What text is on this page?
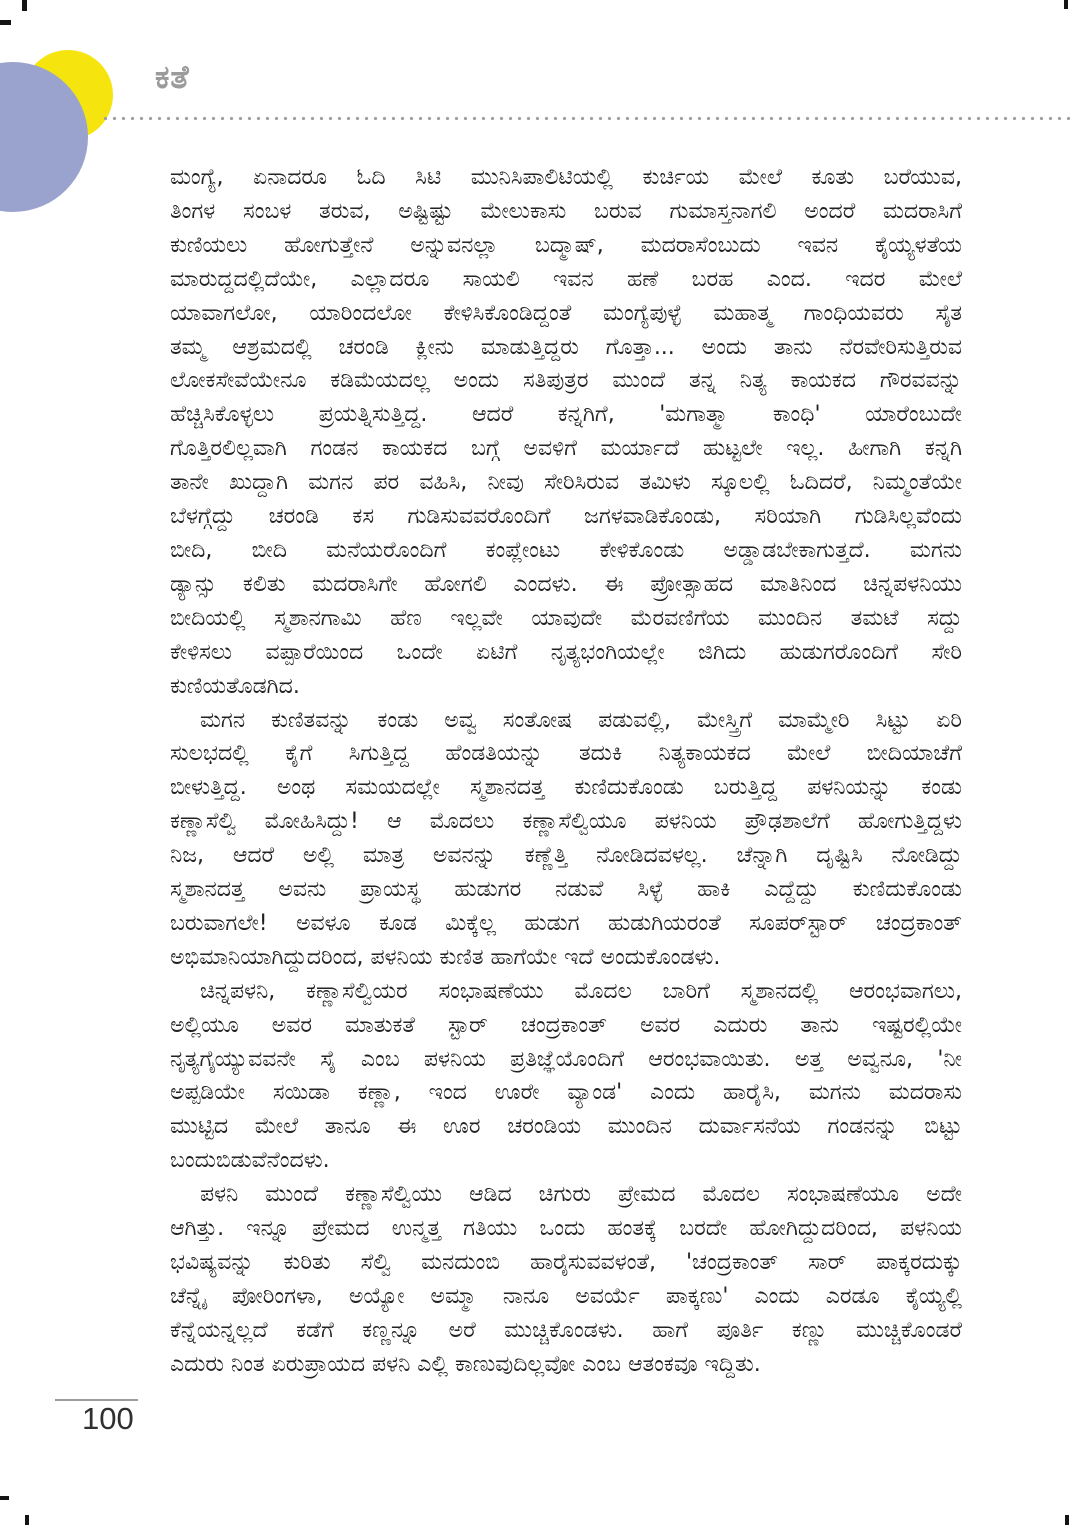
ಕತೆ
ಮಂಗ್ಯೆ, ಏನಾದರೂ ಓದಿ ಸಿಟಿ ಮುನಿಸಿಪಾಲಿಟಿಯಲ್ಲಿ ಕುರ್ಚಿಯ ಮೇಲೆ ಕೂತು ಬರೆಯುವ,
ತಿಂಗಳ ಸಂಬಳ ತರುವ, ಅಷ್ಟಿಷ್ಟು ಮೇಲುಕಾಸು ಬರುವ ಗುಮಾಸ್ತನಾಗಲಿ ಅಂದರೆ ಮದರಾಸಿಗೆ
ಕುಣಿಯಲು ಹೋಗುತ್ತೇನೆ ಅನ್ನುವನಲ್ಲಾ ಬದ್ಮಾಷ್, ಮದರಾಸೆಂಬುದು ಇವನ ಕೈಯ್ಯಳತೆಯ
ಮಾರುದ್ದದಲ್ಲಿದೆಯೇ, ಎಲ್ಲಾದರೂ ಸಾಯಲಿ ಇವನ ಹಣೆ ಬರಹ ಎಂದ. ಇದರ ಮೇಲೆ
ಯಾವಾಗಲೋ, ಯಾರಿಂದಲೋ ಕೇಳಿಸಿಕೊಂಡಿದ್ದಂತೆ ಮಂಗ್ಯೆಪುಳ್ಳೆ ಮಹಾತ್ಮ ಗಾಂಧಿಯವರು ಸೈತ
ತಮ್ಮ ಆಶ್ರಮದಲ್ಲಿ ಚರಂಡಿ ಕ್ಲೀನು ಮಾಡುತ್ತಿದ್ದರು ಗೊತ್ತಾ... ಅಂದು ತಾನು ನೆರವೇರಿಸುತ್ತಿರುವ
ಲೋಕಸೇವೆಯೇನೂ ಕಡಿಮೆಯದಲ್ಲ ಅಂದು ಸತಿಪುತ್ರರ ಮುಂದೆ ತನ್ನ ನಿತ್ಯ ಕಾಯಕದ ಗೌರವವನ್ನು
ಹೆಚ್ಚಿಸಿಕೊಳ್ಳಲು ಪ್ರಯತ್ನಿಸುತ್ತಿದ್ದ. ಆದರೆ ಕನ್ನಗಿಗೆ, 'ಮಗಾತ್ಮಾ ಕಾಂಧಿ' ಯಾರೆಂಬುದೇ
ಗೊತ್ತಿರಲಿಲ್ಲವಾಗಿ ಗಂಡನ ಕಾಯಕದ ಬಗ್ಗೆ ಅವಳಿಗೆ ಮರ್ಯಾದೆ ಹುಟ್ಟಲೇ ಇಲ್ಲ. ಹೀಗಾಗಿ ಕನ್ನಗಿ
ತಾನೇ ಖುದ್ದಾಗಿ ಮಗನ ಪರ ವಹಿಸಿ, ನೀವು ಸೇರಿಸಿರುವ ತಮಿಳು ಸ್ಕೂಲಲ್ಲಿ ಓದಿದರೆ, ನಿಮ್ಮಂತೆಯೇ
ಬೆಳಗ್ಗೆದ್ದು ಚರಂಡಿ ಕಸ ಗುಡಿಸುವವರೊಂದಿಗೆ ಜಗಳವಾಡಿಕೊಂಡು, ಸರಿಯಾಗಿ ಗುಡಿಸಿಲ್ಲವೆಂದು
ಬೀದಿ, ಬೀದಿ ಮನೆಯರೊಂದಿಗೆ ಕಂಪ್ಲೇಂಟು ಕೇಳಿಕೊಂಡು ಅಡ್ಡಾಡಬೇಕಾಗುತ್ತದೆ. ಮಗನು
ಡ್ಯಾನ್ಸು ಕಲಿತು ಮದರಾಸಿಗೇ ಹೋಗಲಿ ಎಂದಳು. ಈ ಪ್ರೋತ್ಸಾಹದ ಮಾತಿನಿಂದ ಚಿನ್ನಪಳನಿಯು
ಬೀದಿಯಲ್ಲಿ ಸ್ಮಶಾನಗಾಮಿ ಹೆಣ ಇಲ್ಲವೇ ಯಾವುದೇ ಮೆರವಣಿಗೆಯ ಮುಂದಿನ ತಮಟೆ ಸದ್ದು
ಕೇಳಿಸಲು ವಪ್ಪಾರೆಯಿಂದ ಒಂದೇ ಏಟಿಗೆ ನೃತ್ಯಭಂಗಿಯಲ್ಲೇ ಜಿಗಿದು ಹುಡುಗರೊಂದಿಗೆ ಸೇರಿ
ಕುಣಿಯತೊಡಗಿದ.
ಮಗನ ಕುಣಿತವನ್ನು ಕಂಡು ಅವ್ವ ಸಂತೋಷ ಪಡುವಲ್ಲಿ, ಮೇಸ್ತ್ರಿಗೆ ಮಾಮ್ಮೇರಿ ಸಿಟ್ಟು ಏರಿ
ಸುಲಭದಲ್ಲಿ ಕೈಗೆ ಸಿಗುತ್ತಿದ್ದ ಹೆಂಡತಿಯನ್ನು ತದುಕಿ ನಿತ್ಯಕಾಯಕದ ಮೇಲೆ ಬೀದಿಯಾಚೆಗೆ
ಬೀಳುತ್ತಿದ್ದ. ಅಂಥ ಸಮಯದಲ್ಲೇ ಸ್ಮಶಾನದತ್ತ ಕುಣಿದುಕೊಂಡು ಬರುತ್ತಿದ್ದ ಪಳನಿಯನ್ನು ಕಂಡು
ಕಣ್ಣಾಸೆಲ್ವಿ ಮೋಹಿಸಿದ್ದು! ಆ ಮೊದಲು ಕಣ್ಣಾಸೆಲ್ವಿಯೂ ಪಳನಿಯ ಪ್ರೌಢಶಾಲೆಗೆ ಹೋಗುತ್ತಿದ್ದಳು
ನಿಜ, ಆದರೆ ಅಲ್ಲಿ ಮಾತ್ರ ಅವನನ್ನು ಕಣ್ಣೆತ್ತಿ ನೋಡಿದವಳಲ್ಲ. ಚೆನ್ನಾಗಿ ದೃಷ್ಟಿಸಿ ನೋಡಿದ್ದು
ಸ್ಮಶಾನದತ್ತ ಅವನು ಪ್ರಾಯಸ್ಥ ಹುಡುಗರ ನಡುವೆ ಸಿಳ್ಳೆ ಹಾಕಿ ಎದ್ದೆದ್ದು ಕುಣಿದುಕೊಂಡು
ಬರುವಾಗಲೇ! ಅವಳೂ ಕೂಡ ಮಿಕ್ಕೆಲ್ಲ ಹುಡುಗ ಹುಡುಗಿಯರಂತೆ ಸೂಪರ್‌ಸ್ಟಾರ್ ಚಂದ್ರಕಾಂತ್
ಅಭಿಮಾನಿಯಾಗಿದ್ದುದರಿಂದ, ಪಳನಿಯ ಕುಣಿತ ಹಾಗೆಯೇ ಇದೆ ಅಂದುಕೊಂಡಳು.
ಚಿನ್ನಪಳನಿ, ಕಣ್ಣಾಸೆಲ್ವಿಯರ ಸಂಭಾಷಣೆಯು ಮೊದಲ ಬಾರಿಗೆ ಸ್ಮಶಾನದಲ್ಲಿ ಆರಂಭವಾಗಲು,
ಅಲ್ಲಿಯೂ ಅವರ ಮಾತುಕತೆ ಸ್ಟಾರ್ ಚಂದ್ರಕಾಂತ್ ಅವರ ಎದುರು ತಾನು ಇಷ್ಟರಲ್ಲಿಯೇ
ನೃತ್ಯಗೈಯ್ಯುವವನೇ ಸೈ ಎಂಬ ಪಳನಿಯ ಪ್ರತಿಜ್ಞೆಯೊಂದಿಗೆ ಆರಂಭವಾಯಿತು. ಅತ್ತ ಅವ್ವನೂ, 'ನೀ
ಅಪ್ಪಡಿಯೇ ಸಯಿಡಾ ಕಣ್ಣಾ, ಇಂದ ಊರೇ ವ್ಯಾಂಡ' ಎಂದು ಹಾರೈಸಿ, ಮಗನು ಮದರಾಸು
ಮುಟ್ಟಿದ ಮೇಲೆ ತಾನೂ ಈ ಊರ ಚರಂಡಿಯ ಮುಂದಿನ ದುರ್ವಾಸನೆಯ ಗಂಡನನ್ನು ಬಿಟ್ಟು
ಬಂದುಬಿಡುವೆನೆಂದಳು.
ಪಳನಿ ಮುಂದೆ ಕಣ್ಣಾಸೆಲ್ವಿಯು ಆಡಿದ ಚಿಗುರು ಪ್ರೇಮದ ಮೊದಲ ಸಂಭಾಷಣೆಯೂ ಅದೇ
ಆಗಿತ್ತು. ಇನ್ನೂ ಪ್ರೇಮದ ಉನ್ಮತ್ತ ಗತಿಯು ಒಂದು ಹಂತಕ್ಕೆ ಬರದೇ ಹೋಗಿದ್ದುದರಿಂದ, ಪಳನಿಯ
ಭವಿಷ್ಯವನ್ನು ಕುರಿತು ಸೆಲ್ವಿ ಮನದುಂಬಿ ಹಾರೈಸುವವಳಂತೆ, 'ಚಂದ್ರಕಾಂತ್ ಸಾರ್ ಪಾಕ್ಕರದುಕ್ಕು
ಚೆನ್ನೈ ಪೋರಿಂಗಳಾ, ಅಯ್ಯೋ ಅಮ್ಮಾ ನಾನೂ ಅವರ್ಯೆ ಪಾಕ್ಕಣು' ಎಂದು ಎರಡೂ ಕೈಯ್ಯಲ್ಲಿ
ಕೆನ್ನೆಯನ್ನಲ್ಲದೆ ಕಡೆಗೆ ಕಣ್ಣನ್ನೂ ಅರೆ ಮುಚ್ಚಿಕೊಂಡಳು. ಹಾಗೆ ಪೂರ್ತಿ ಕಣ್ಣು ಮುಚ್ಚಿಕೊಂಡರೆ
ಎದುರು ನಿಂತ ಏರುಪ್ರಾಯದ ಪಳನಿ ಎಲ್ಲಿ ಕಾಣುವುದಿಲ್ಲವೋ ಎಂಬ ಆತಂಕವೂ ಇದ್ದಿತು.
100
